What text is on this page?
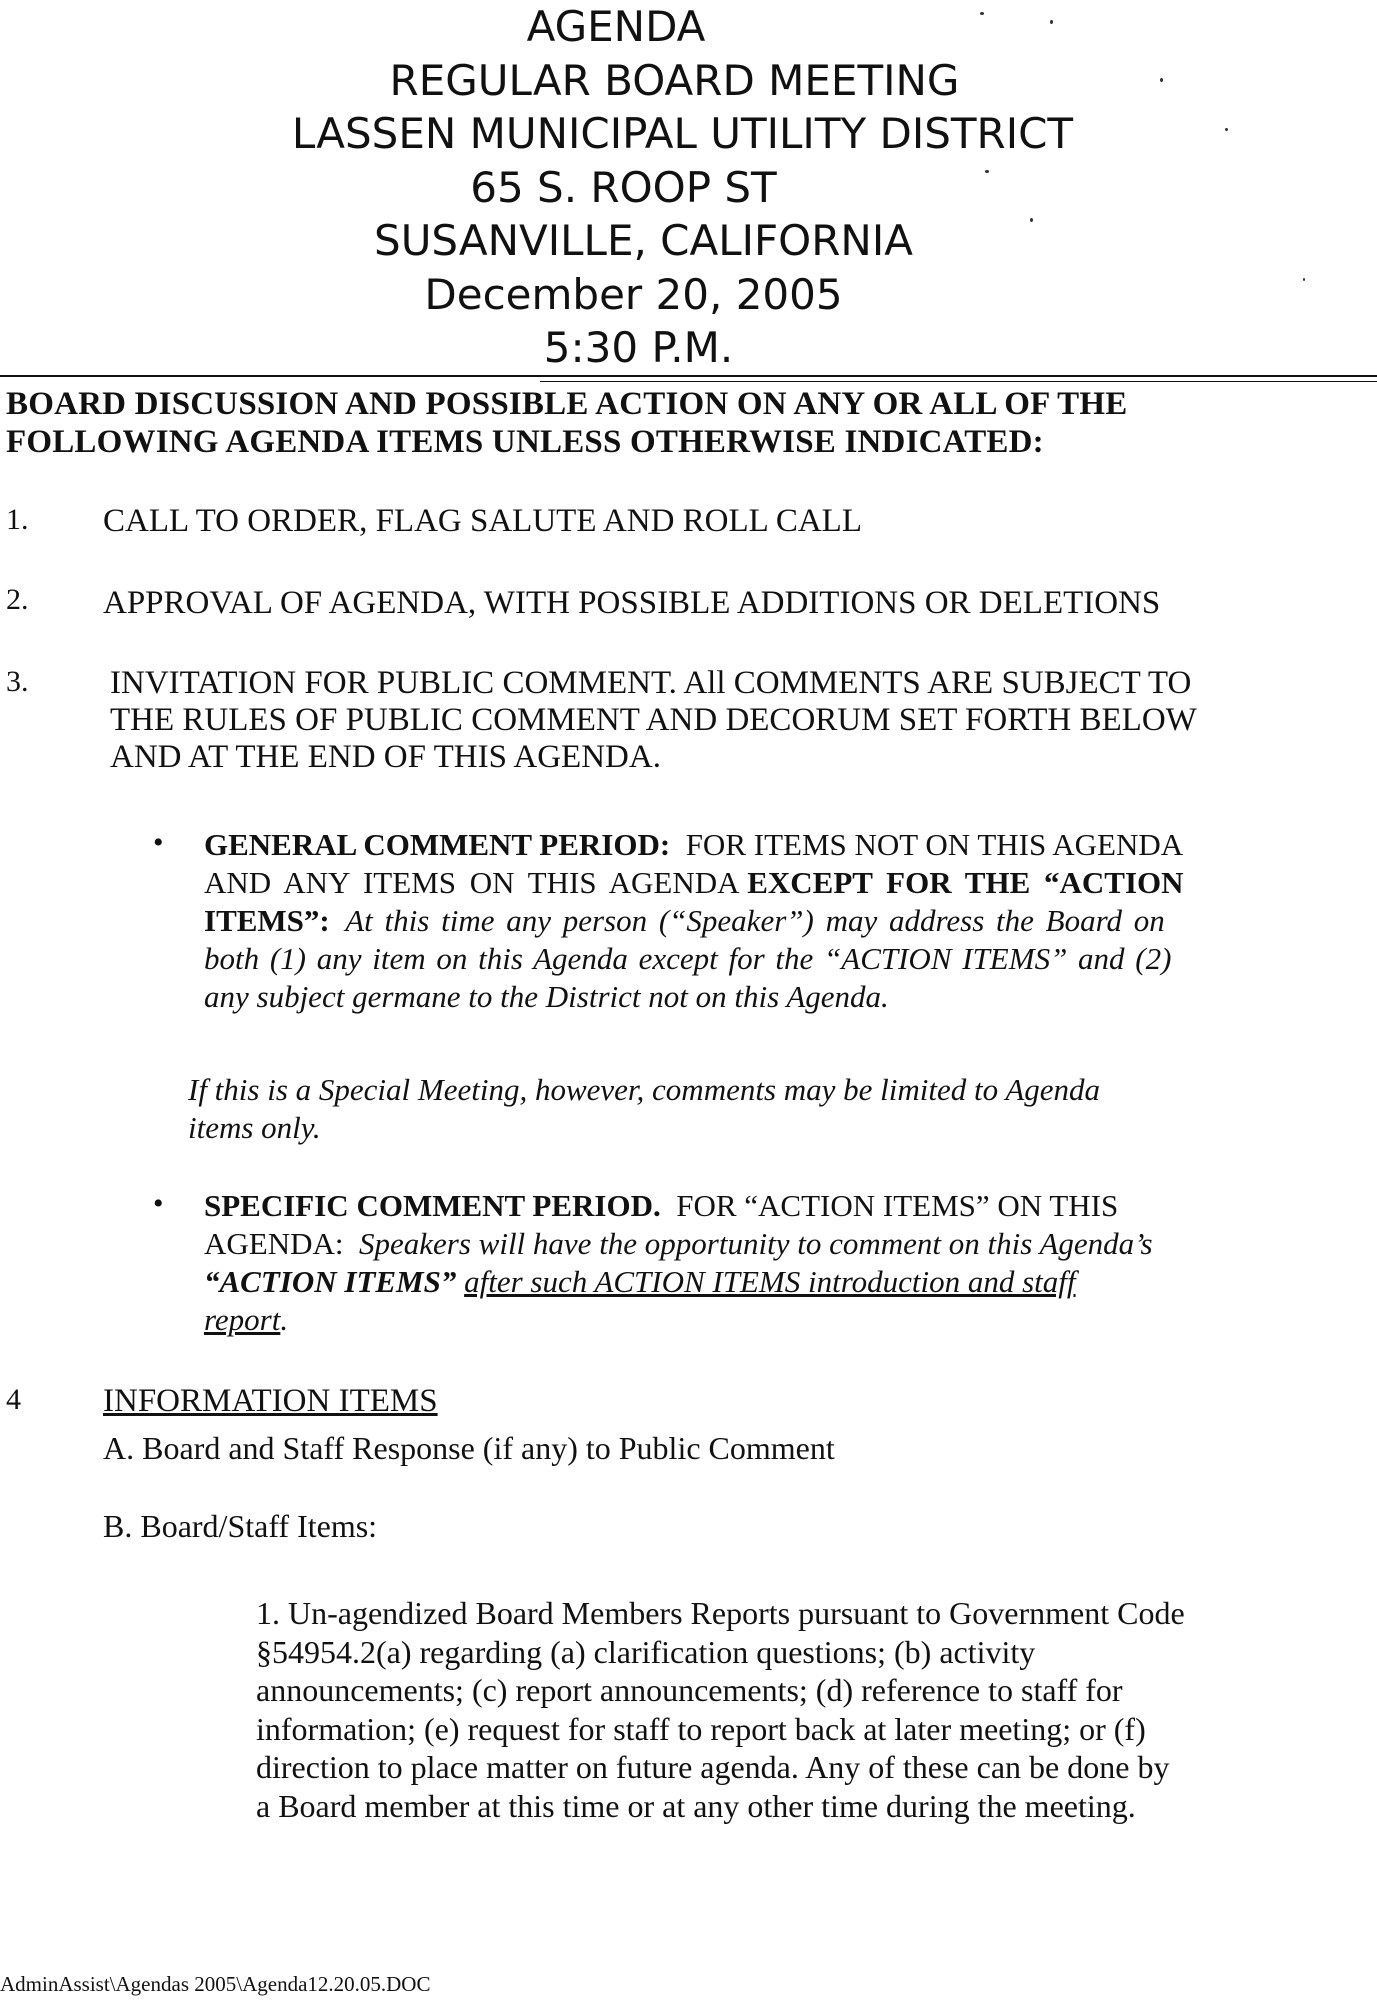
AGENDA
REGULAR BOARD MEETING
LASSEN MUNICIPAL UTILITY DISTRICT
65 S. ROOP ST
SUSANVILLE, CALIFORNIA
December 20, 2005
5:30 P.M.
BOARD DISCUSSION AND POSSIBLE ACTION ON ANY OR ALL OF THE
FOLLOWING AGENDA ITEMS UNLESS OTHERWISE INDICATED:
1. CALL TO ORDER, FLAG SALUTE AND ROLL CALL
2. APPROVAL OF AGENDA, WITH POSSIBLE ADDITIONS OR DELETIONS
3. INVITATION FOR PUBLIC COMMENT. All COMMENTS ARE SUBJECT TO
THE RULES OF PUBLIC COMMENT AND DECORUM SET FORTH BELOW
AND AT THE END OF THIS AGENDA.
• GENERAL COMMENT PERIOD: FOR ITEMS NOT ON THIS AGENDA
AND ANY ITEMS ON THIS AGENDA EXCEPT FOR THE “ACTION
ITEMS”: At this time any person (“Speaker”) may address the Board on
both (1) any item on this Agenda except for the “ACTION ITEMS” and (2)
any subject germane to the District not on this Agenda.
If this is a Special Meeting, however, comments may be limited to Agenda
items only.
• SPECIFIC COMMENT PERIOD. FOR “ACTION ITEMS” ON THIS
AGENDA: Speakers will have the opportunity to comment on this Agenda’s
“ACTION ITEMS” after such ACTION ITEMS introduction and staff
report.
4 INFORMATION ITEMS
A. Board and Staff Response (if any) to Public Comment
B. Board/Staff Items:
1. Un-agendized Board Members Reports pursuant to Government Code
§54954.2(a) regarding (a) clarification questions; (b) activity
announcements; (c) report announcements; (d) reference to staff for
information; (e) request for staff to report back at later meeting; or (f)
direction to place matter on future agenda. Any of these can be done by
a Board member at this time or at any other time during the meeting.
AdminAssist\Agendas 2005\Agenda12.20.05.DOC
